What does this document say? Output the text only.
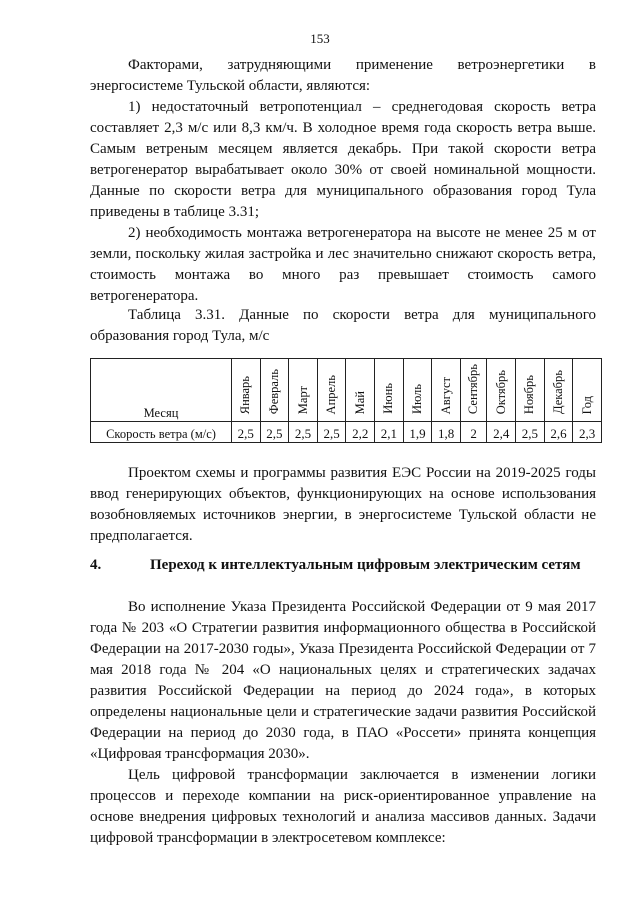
153

Факторами, затрудняющими применение ветроэнергетики в энергосистеме Тульской области, являются:

1) недостаточный ветропотенциал – среднегодовая скорость ветра составляет 2,3 м/с или 8,3 км/ч. В холодное время года скорость ветра выше. Самым ветреным месяцем является декабрь. При такой скорости ветра ветрогенератор вырабатывает около 30% от своей номинальной мощности. Данные по скорости ветра для муниципального образования город Тула приведены в таблице 3.31;

2) необходимость монтажа ветрогенератора на высоте не менее 25 м от земли, поскольку жилая застройка и лес значительно снижают скорость ветра, стоимость монтажа во много раз превышает стоимость самого ветрогенератора.

Таблица 3.31. Данные по скорости ветра для муниципального образования город Тула, м/с

Месяц	Январь	Февраль	Март	Апрель	Май	Июнь	Июль	Август	Сентябрь	Октябрь	Ноябрь	Декабрь	Год
Скорость ветра (м/с)	2,5	2,5	2,5	2,5	2,2	2,1	1,9	1,8	2	2,4	2,5	2,6	2,3

Проектом схемы и программы развития ЕЭС России на 2019-2025 годы ввод генерирующих объектов, функционирующих на основе использования возобновляемых источников энергии, в энергосистеме Тульской области не предполагается.

4.	Переход к интеллектуальным цифровым электрическим сетям

Во исполнение Указа Президента Российской Федерации от 9 мая 2017 года № 203 «О Стратегии развития информационного общества в Российской Федерации на 2017-2030 годы», Указа Президента Российской Федерации от 7 мая 2018 года № 204 «О национальных целях и стратегических задачах развития Российской Федерации на период до 2024 года», в которых определены национальные цели и стратегические задачи развития Российской Федерации на период до 2030 года, в ПАО «Россети» принята концепция «Цифровая трансформация 2030».

Цель цифровой трансформации заключается в изменении логики процессов и переходе компании на риск-ориентированное управление на основе внедрения цифровых технологий и анализа массивов данных. Задачи цифровой трансформации в электросетевом комплексе:
